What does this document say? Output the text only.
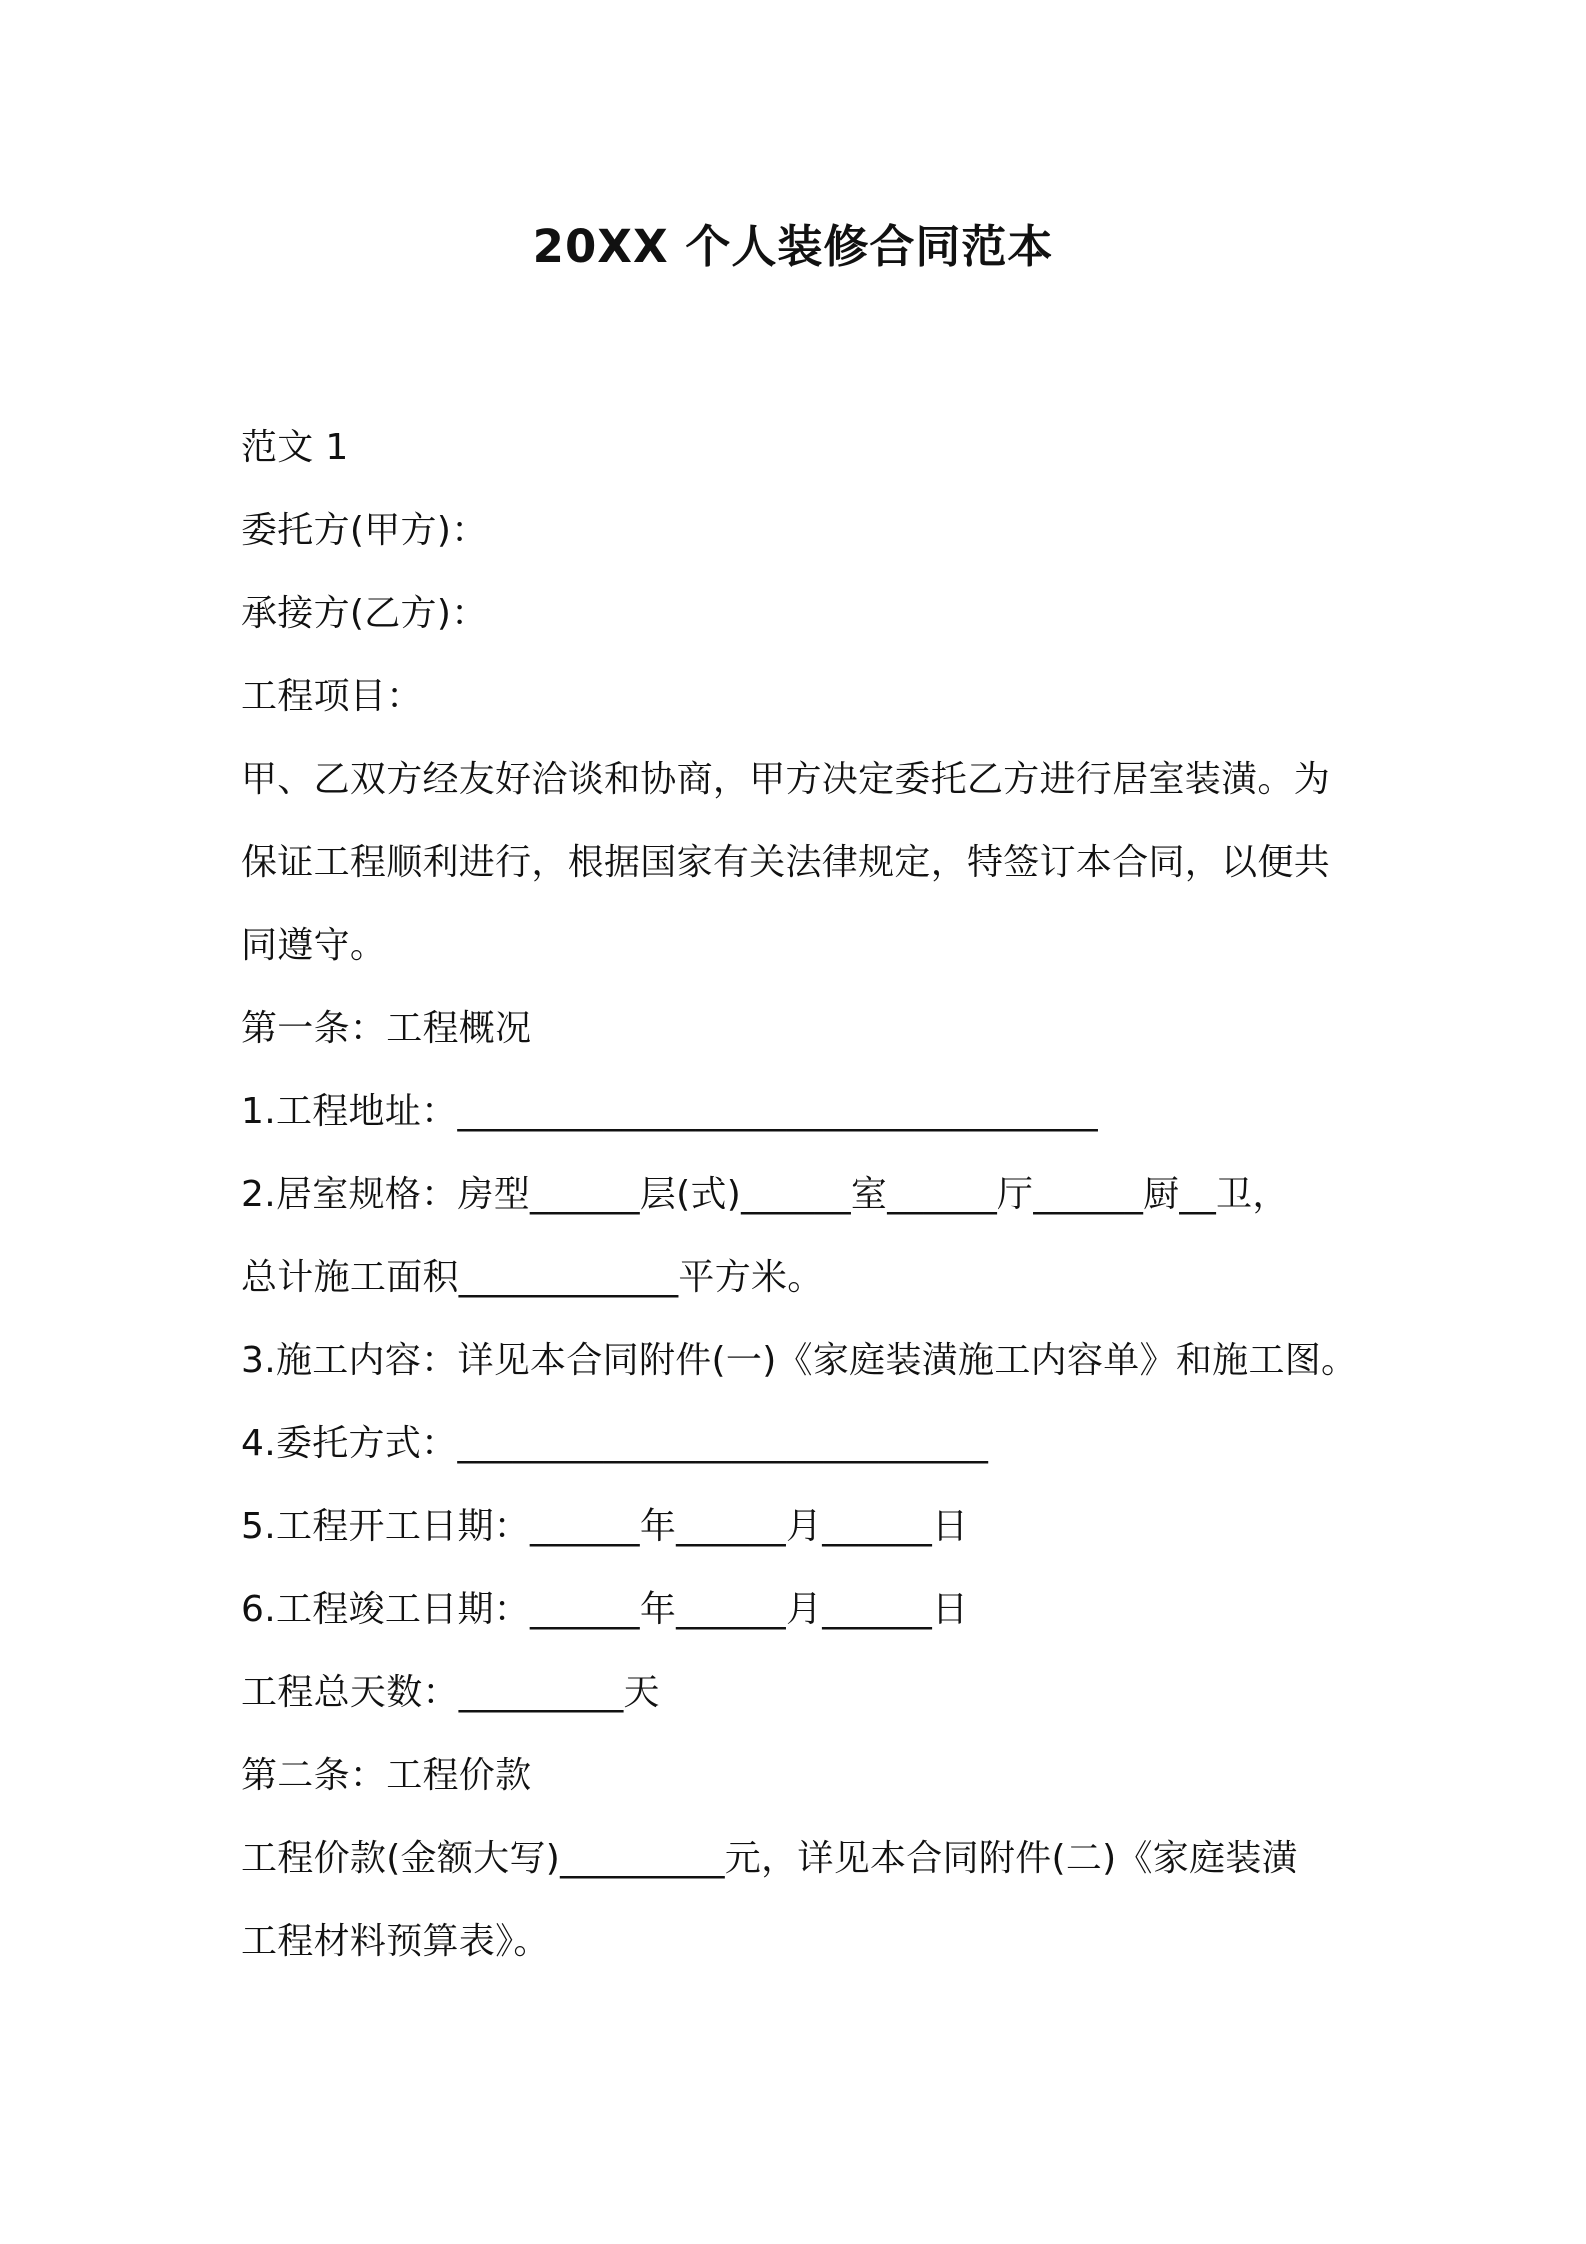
20XX 个人装修合同范本
范文 1
委托方(甲方)：
承接方(乙方)：
工程项目：
甲、乙双方经友好洽谈和协商，甲方决定委托乙方进行居室装潢。为
保证工程顺利进行，根据国家有关法律规定，特签订本合同，以便共
同遵守。
第一条：工程概况
1.工程地址：___________________________________
2.居室规格：房型______层(式)______室______厅______厨__卫，
总计施工面积____________平方米。
3.施工内容：详见本合同附件(一)《家庭装潢施工内容单》和施工图。
4.委托方式：_____________________________
5.工程开工日期：______年______月______日
6.工程竣工日期：______年______月______日
工程总天数：_________天
第二条：工程价款
工程价款(金额大写)_________元，详见本合同附件(二)《家庭装潢
工程材料预算表》。
